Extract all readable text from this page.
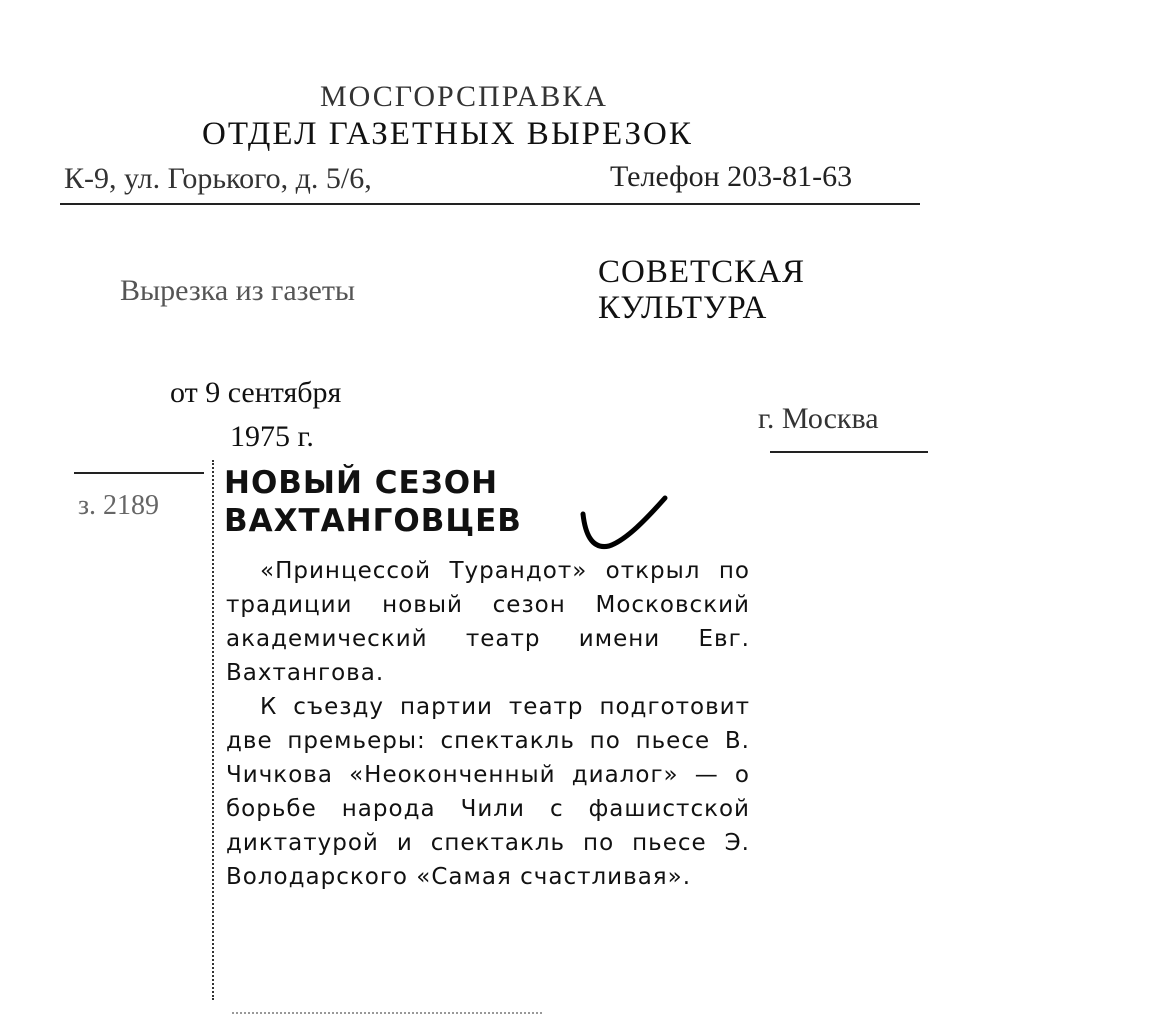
МОСГОРСПРАВКА
ОТДЕЛ ГАЗЕТНЫХ ВЫРЕЗОК
К-9, ул. Горького, д. 5/6,	Телефон 203-81-63
Вырезка из газеты
СОВЕТСКАЯ КУЛЬТУРА
от 9 сентября
1975 г.
г. Москва
з. 2189
НОВЫЙ СЕЗОН ВАХТАНГОВЦЕВ

«Принцессой Турандот» открыл по традиции новый сезон Московский академический театр имени Евг. Вахтангова.

К съезду партии театр подготовит две премьеры: спектакль по пьесе В. Чичкова «Неоконченный диалог» — о борьбе народа Чили с фашистской диктатурой и спектакль по пьесе Э. Володарского «Самая счастливая».
